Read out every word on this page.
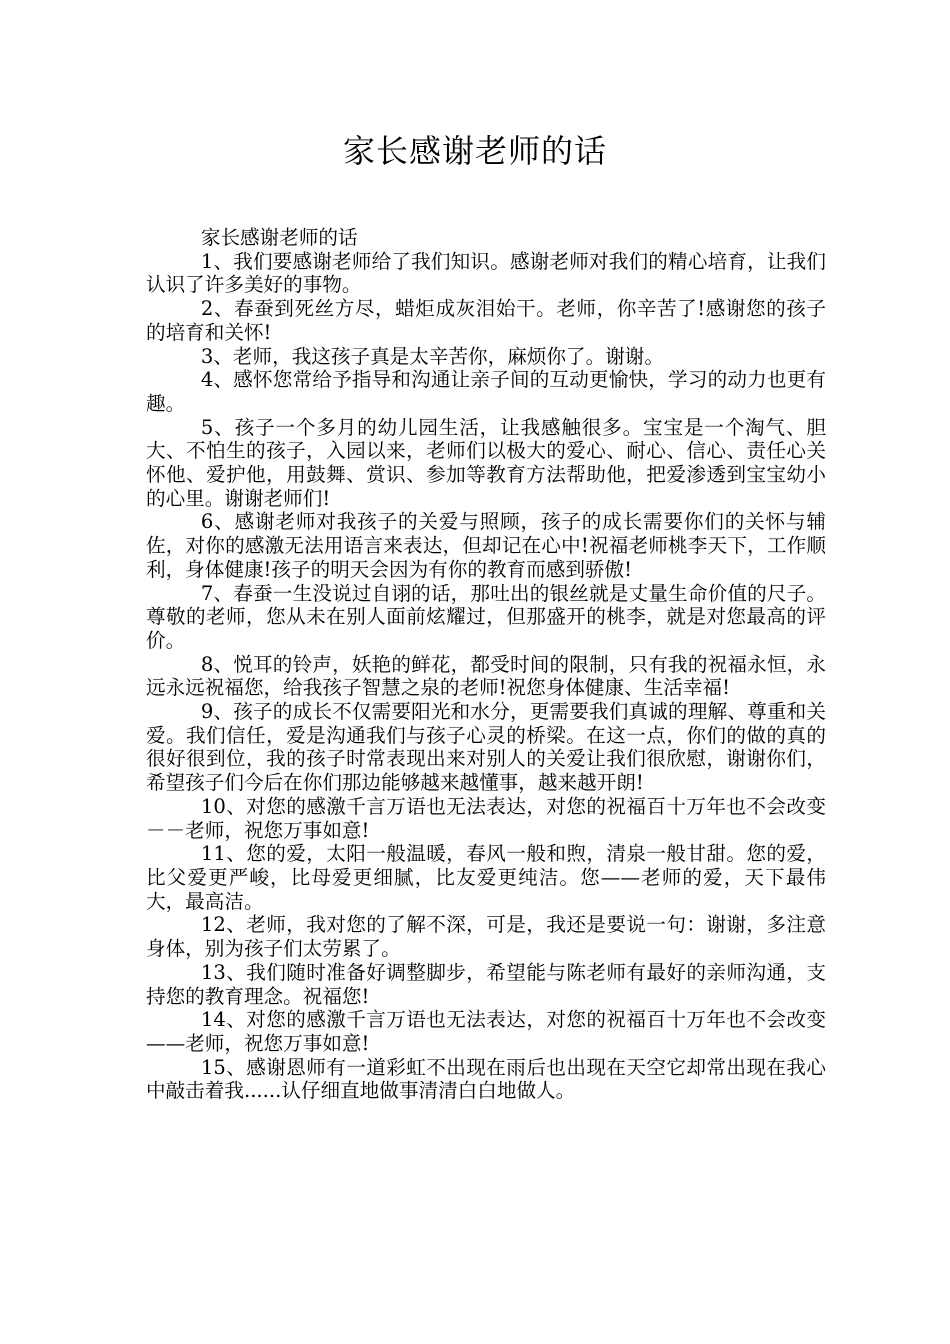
家长感谢老师的话

家长感谢老师的话

1、我们要感谢老师给了我们知识。感谢老师对我们的精心培育，让我们认识了许多美好的事物。

2、春蚕到死丝方尽，蜡炬成灰泪始干。老师，你辛苦了!感谢您的孩子的培育和关怀!

3、老师，我这孩子真是太辛苦你，麻烦你了。谢谢。

4、感怀您常给予指导和沟通让亲子间的互动更愉快，学习的动力也更有趣。

5、孩子一个多月的幼儿园生活，让我感触很多。宝宝是一个淘气、胆大、不怕生的孩子，入园以来，老师们以极大的爱心、耐心、信心、责任心关怀他、爱护他，用鼓舞、赏识、参加等教育方法帮助他，把爱渗透到宝宝幼小的心里。谢谢老师们!

6、感谢老师对我孩子的关爱与照顾，孩子的成长需要你们的关怀与辅佐，对你的感激无法用语言来表达，但却记在心中!祝福老师桃李天下，工作顺利，身体健康!孩子的明天会因为有你的教育而感到骄傲!

7、春蚕一生没说过自诩的话，那吐出的银丝就是丈量生命价值的尺子。尊敬的老师，您从未在别人面前炫耀过，但那盛开的桃李，就是对您最高的评价。

8、悦耳的铃声，妖艳的鲜花，都受时间的限制，只有我的祝福永恒，永远永远祝福您，给我孩子智慧之泉的老师!祝您身体健康、生活幸福!

9、孩子的成长不仅需要阳光和水分，更需要我们真诚的理解、尊重和关爱。我们信任，爱是沟通我们与孩子心灵的桥梁。在这一点，你们的做的真的很好很到位，我的孩子时常表现出来对别人的关爱让我们很欣慰，谢谢你们，希望孩子们今后在你们那边能够越来越懂事，越来越开朗!

10、对您的感激千言万语也无法表达，对您的祝福百十万年也不会改变－－老师，祝您万事如意!

11、您的爱，太阳一般温暖，春风一般和煦，清泉一般甘甜。您的爱，比父爱更严峻，比母爱更细腻，比友爱更纯洁。您——老师的爱，天下最伟大，最高洁。

12、老师，我对您的了解不深，可是，我还是要说一句：谢谢，多注意身体，别为孩子们太劳累了。

13、我们随时准备好调整脚步，希望能与陈老师有最好的亲师沟通，支持您的教育理念。祝福您!

14、对您的感激千言万语也无法表达，对您的祝福百十万年也不会改变——老师，祝您万事如意!

15、感谢恩师有一道彩虹不出现在雨后也出现在天空它却常出现在我心中敲击着我......认仔细直地做事清清白白地做人。
